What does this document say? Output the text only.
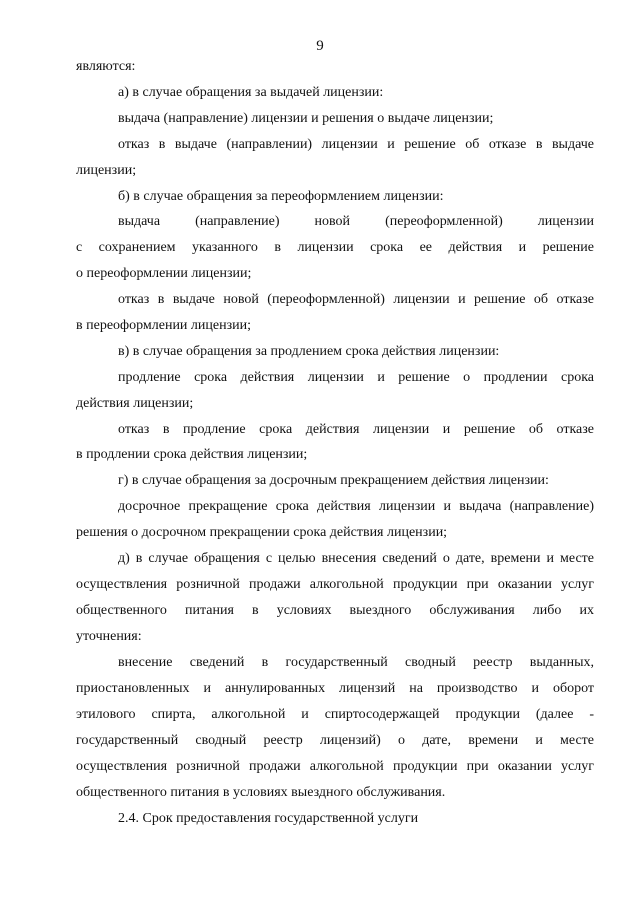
9
являются:
а) в случае обращения за выдачей лицензии:
выдача (направление) лицензии и решения о выдаче лицензии;
отказ в выдаче (направлении) лицензии и решение об отказе в выдаче
лицензии;
б) в случае обращения за переоформлением лицензии:
выдача (направление) новой (переоформленной) лицензии
с сохранением указанного в лицензии срока ее действия и решение
о переоформлении лицензии;
отказ в выдаче новой (переоформленной) лицензии и решение об отказе
в переоформлении лицензии;
в) в случае обращения за продлением срока действия лицензии:
продление срока действия лицензии и решение о продлении срока
действия лицензии;
отказ в продление срока действия лицензии и решение об отказе
в продлении срока действия лицензии;
г) в случае обращения за досрочным прекращением действия лицензии:
досрочное прекращение срока действия лицензии и выдача (направление)
решения о досрочном прекращении срока действия лицензии;
д) в случае обращения с целью внесения сведений о дате, времени и месте
осуществления розничной продажи алкогольной продукции при оказании услуг
общественного питания в условиях выездного обслуживания либо их
уточнения:
внесение сведений в государственный сводный реестр выданных,
приостановленных и аннулированных лицензий на производство и оборот
этилового спирта, алкогольной и спиртосодержащей продукции (далее -
государственный сводный реестр лицензий) о дате, времени и месте
осуществления розничной продажи алкогольной продукции при оказании услуг
общественного питания в условиях выездного обслуживания.
2.4. Срок предоставления государственной услуги
